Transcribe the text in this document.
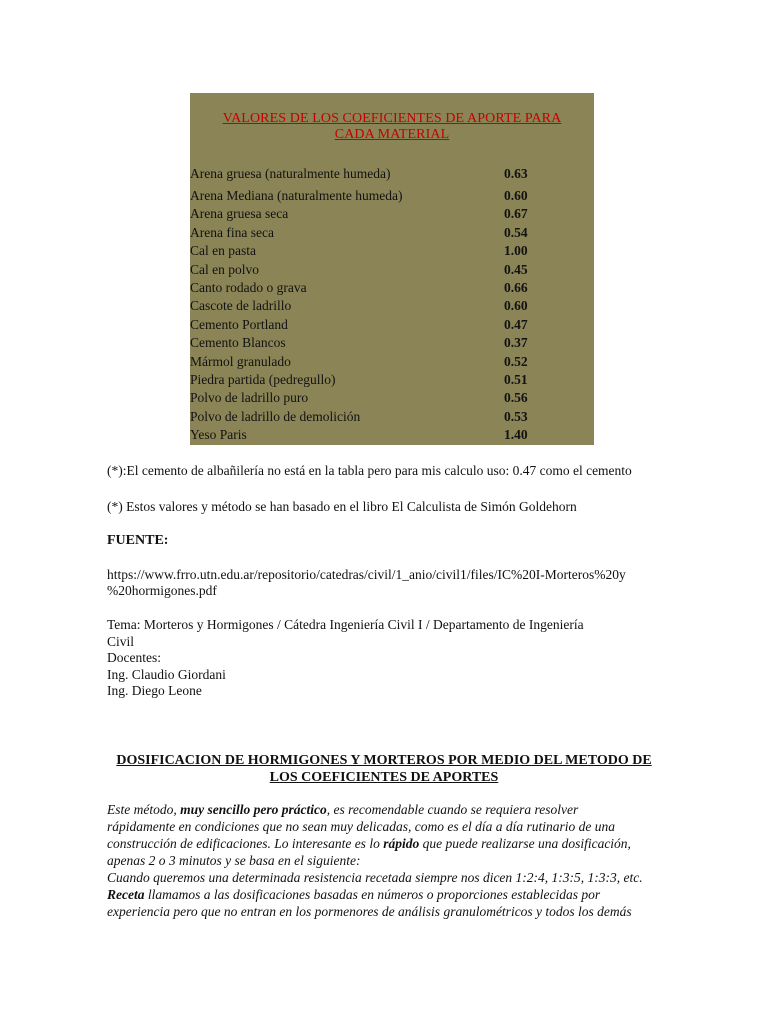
VALORES DE LOS COEFICIENTES DE APORTE PARA
CADA MATERIAL
Arena gruesa (naturalmente humeda)	0.63
Arena Mediana (naturalmente humeda)	0.60
Arena gruesa seca	0.67
Arena fina seca	0.54
Cal en pasta	1.00
Cal en polvo	0.45
Canto rodado o grava	0.66
Cascote de ladrillo	0.60
Cemento Portland	0.47
Cemento Blancos	0.37
Mármol granulado	0.52
Piedra partida (pedregullo)	0.51
Polvo de ladrillo puro	0.56
Polvo de ladrillo de demolición	0.53
Yeso Paris	1.40
(*):El cemento de albañilería no está en la tabla pero para mis calculo uso: 0.47 como el cemento
(*) Estos valores y método se han basado en el libro El Calculista de Simón Goldehorn
FUENTE:
https://www.frro.utn.edu.ar/repositorio/catedras/civil/1_anio/civil1/files/IC%20I-Morteros%20y
%20hormigones.pdf
Tema: Morteros y Hormigones / Cátedra Ingeniería Civil I / Departamento de Ingeniería
Civil
Docentes:
Ing. Claudio Giordani
Ing. Diego Leone
DOSIFICACION DE HORMIGONES Y MORTEROS POR MEDIO DEL METODO DE
LOS COEFICIENTES DE APORTES
Este método, muy sencillo pero práctico, es recomendable cuando se requiera resolver
rápidamente en condiciones que no sean muy delicadas, como es el día a día rutinario de una
construcción de edificaciones. Lo interesante es lo rápido que puede realizarse una dosificación,
apenas 2 o 3 minutos y se basa en el siguiente:
Cuando queremos una determinada resistencia recetada siempre nos dicen 1:2:4, 1:3:5, 1:3:3, etc.
Receta llamamos a las dosificaciones basadas en números o proporciones establecidas por
experiencia pero que no entran en los pormenores de análisis granulométricos y todos los demás
